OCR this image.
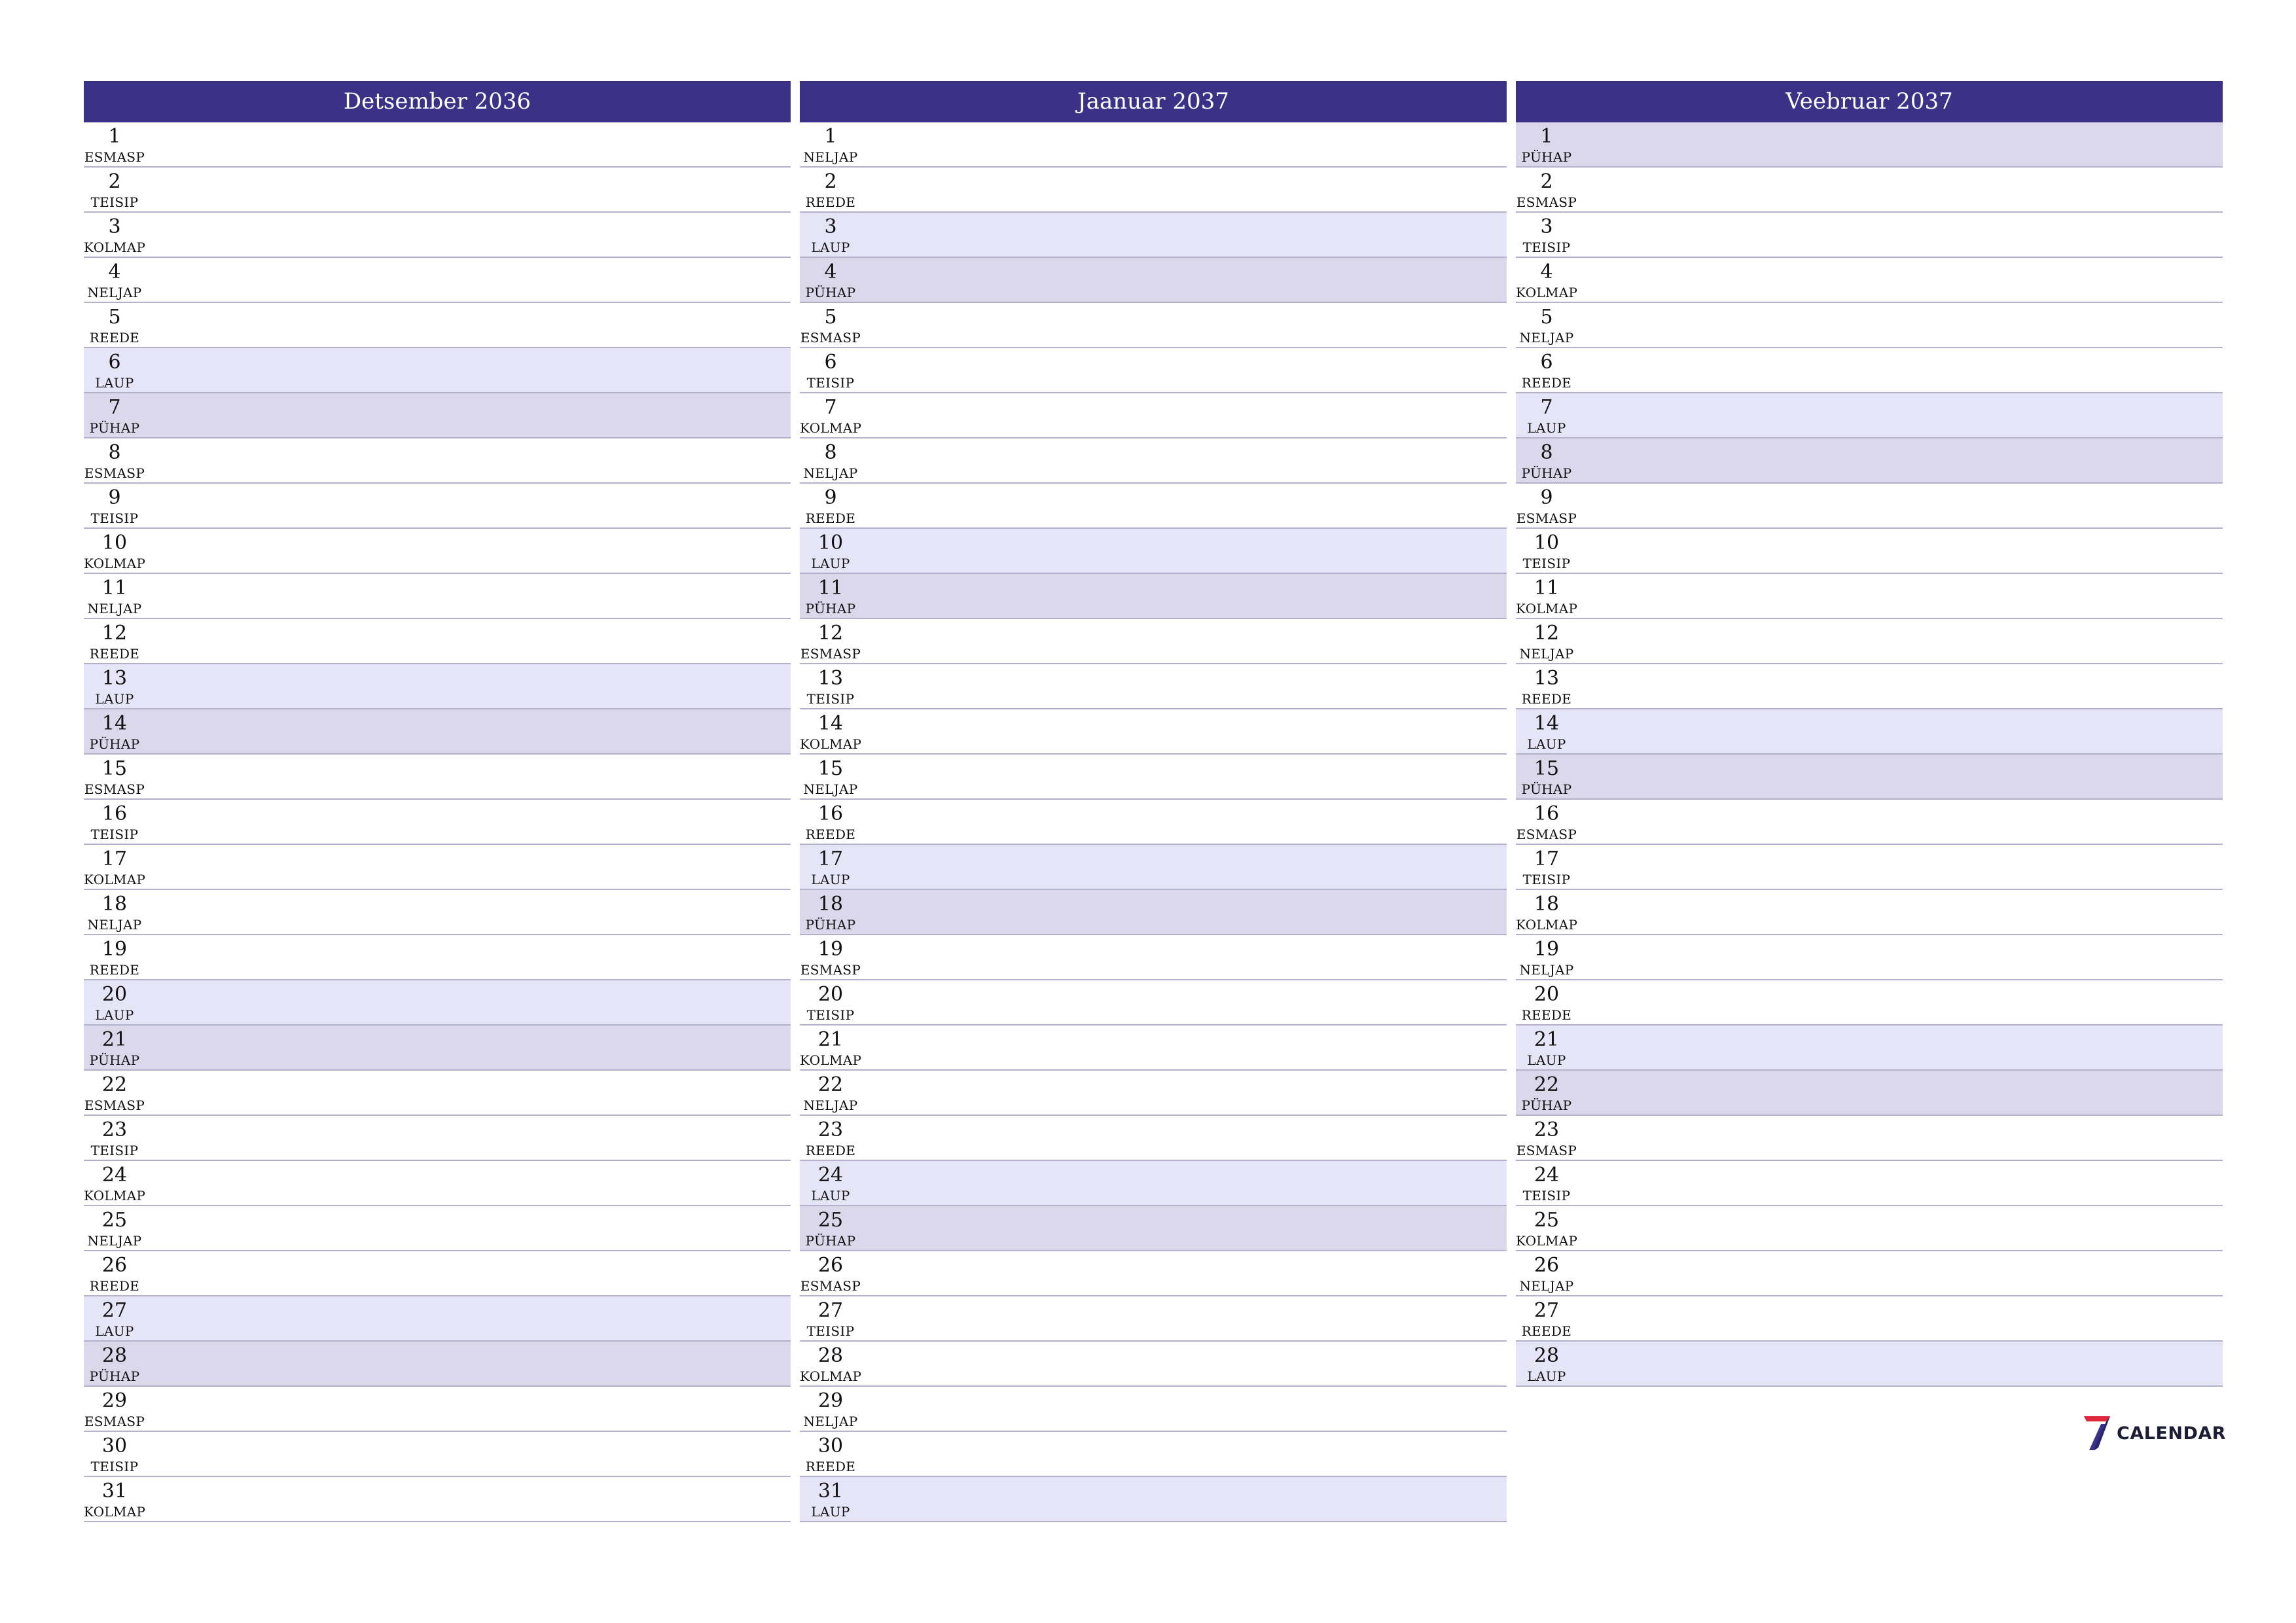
Detsember 2036
1
ESMASP
2
TEISIP
3
KOLMAP
4
NELJAP
5
REEDE
6
LAUP
7
PÜHAP
8
ESMASP
9
TEISIP
10
KOLMAP
11
NELJAP
12
REEDE
13
LAUP
14
PÜHAP
15
ESMASP
16
TEISIP
17
KOLMAP
18
NELJAP
19
REEDE
20
LAUP
21
PÜHAP
22
ESMASP
23
TEISIP
24
KOLMAP
25
NELJAP
26
REEDE
27
LAUP
28
PÜHAP
29
ESMASP
30
TEISIP
31
KOLMAP
Jaanuar 2037
1
NELJAP
2
REEDE
3
LAUP
4
PÜHAP
5
ESMASP
6
TEISIP
7
KOLMAP
8
NELJAP
9
REEDE
10
LAUP
11
PÜHAP
12
ESMASP
13
TEISIP
14
KOLMAP
15
NELJAP
16
REEDE
17
LAUP
18
PÜHAP
19
ESMASP
20
TEISIP
21
KOLMAP
22
NELJAP
23
REEDE
24
LAUP
25
PÜHAP
26
ESMASP
27
TEISIP
28
KOLMAP
29
NELJAP
30
REEDE
31
LAUP
Veebruar 2037
1
PÜHAP
2
ESMASP
3
TEISIP
4
KOLMAP
5
NELJAP
6
REEDE
7
LAUP
8
PÜHAP
9
ESMASP
10
TEISIP
11
KOLMAP
12
NELJAP
13
REEDE
14
LAUP
15
PÜHAP
16
ESMASP
17
TEISIP
18
KOLMAP
19
NELJAP
20
REEDE
21
LAUP
22
PÜHAP
23
ESMASP
24
TEISIP
25
KOLMAP
26
NELJAP
27
REEDE
28
LAUP
CALENDAR
